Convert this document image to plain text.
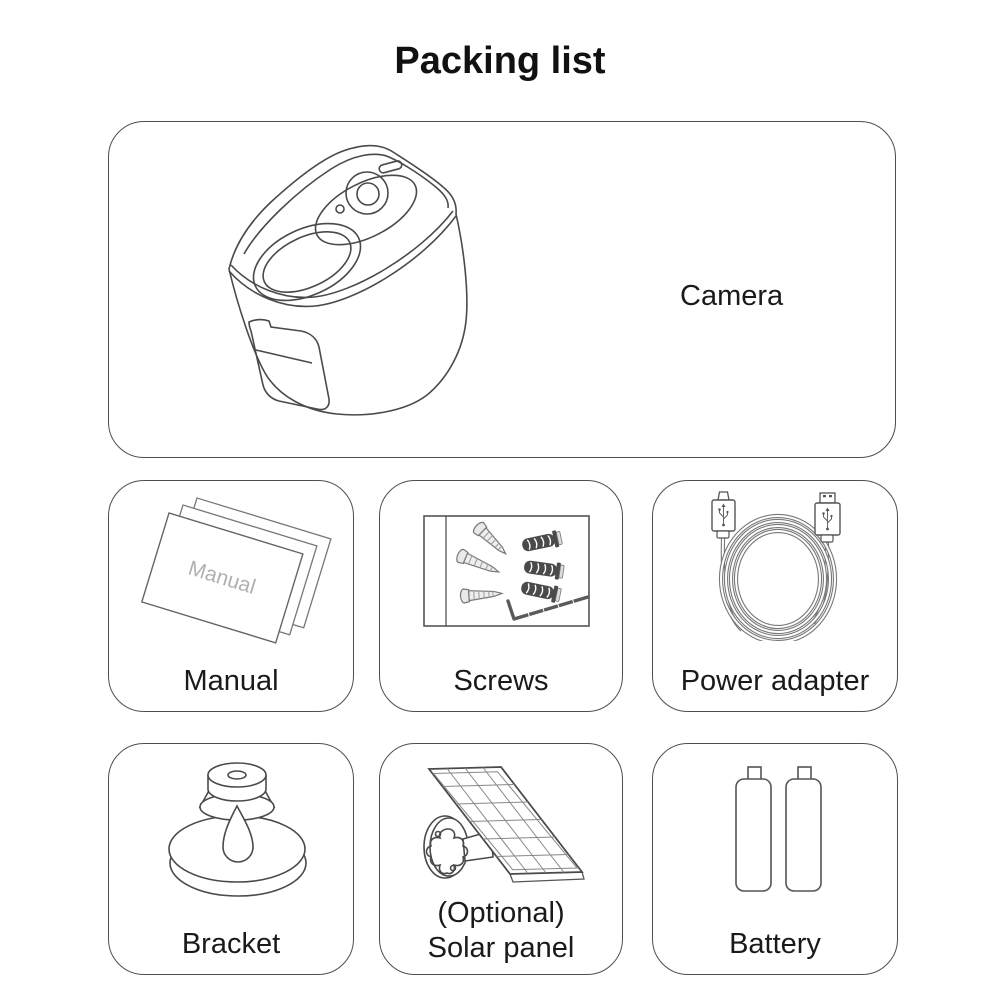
Packing list
Camera
Manual
Manual	Screws	Power adapter
Bracket
(Optional)
Solar panel	Battery
